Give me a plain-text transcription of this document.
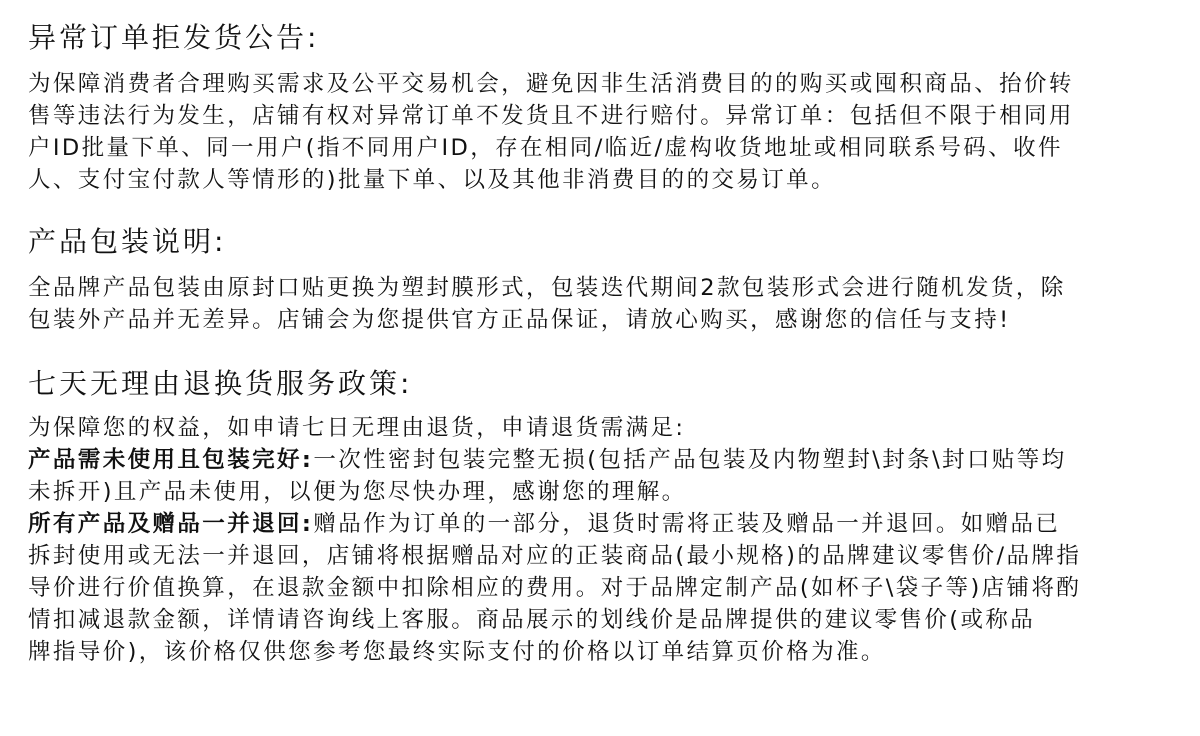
异常订单拒发货公告:

为保障消费者合理购买需求及公平交易机会，避免因非生活消费目的的购买或囤积商品、抬价转
售等违法行为发生，店铺有权对异常订单不发货且不进行赔付。异常订单：包括但不限于相同用
户ID批量下单、同一用户(指不同用户ID，存在相同/临近/虚构收货地址或相同联系号码、收件
人、支付宝付款人等情形的)批量下单、以及其他非消费目的的交易订单。

产品包装说明:

全品牌产品包装由原封口贴更换为塑封膜形式，包装迭代期间2款包装形式会进行随机发货，除
包装外产品并无差异。店铺会为您提供官方正品保证，请放心购买，感谢您的信任与支持!

七天无理由退换货服务政策:

为保障您的权益，如申请七日无理由退货，申请退货需满足:
产品需未使用且包装完好:一次性密封包装完整无损(包括产品包装及内物塑封\封条\封口贴等均
未拆开)且产品未使用，以便为您尽快办理，感谢您的理解。
所有产品及赠品一并退回:赠品作为订单的一部分，退货时需将正装及赠品一并退回。如赠品已
拆封使用或无法一并退回，店铺将根据赠品对应的正装商品(最小规格)的品牌建议零售价/品牌指
导价进行价值换算，在退款金额中扣除相应的费用。对于品牌定制产品(如杯子\袋子等)店铺将酌
情扣减退款金额，详情请咨询线上客服。商品展示的划线价是品牌提供的建议零售价(或称品
牌指导价)，该价格仅供您参考您最终实际支付的价格以订单结算页价格为准。
